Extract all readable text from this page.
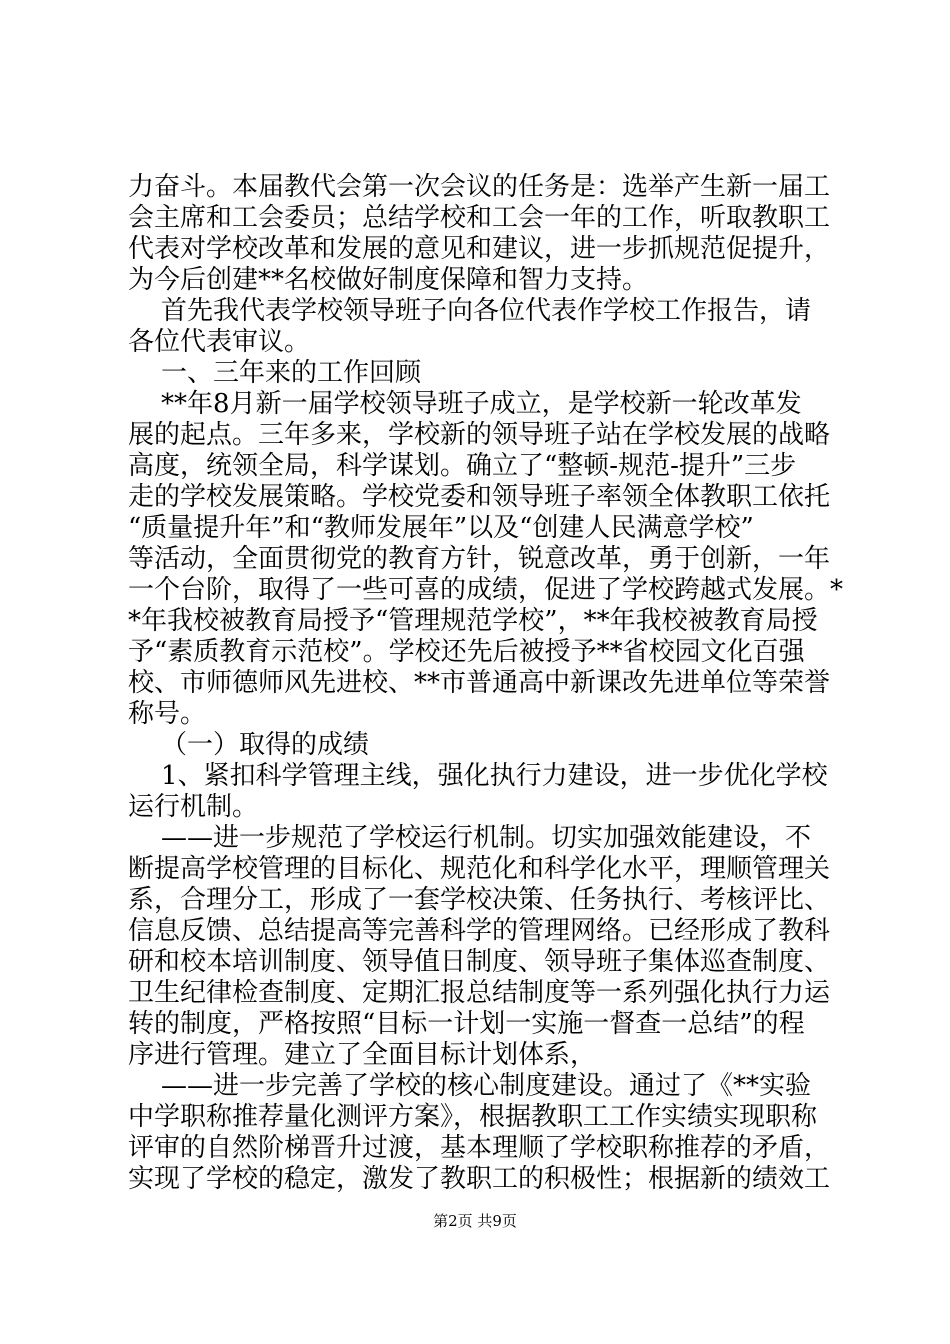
力奋斗。本届教代会第一次会议的任务是：选举产生新一届工
会主席和工会委员；总结学校和工会一年的工作，听取教职工
代表对学校改革和发展的意见和建议，进一步抓规范促提升，
为今后创建**名校做好制度保障和智力支持。
首先我代表学校领导班子向各位代表作学校工作报告，请
各位代表审议。
一、三年来的工作回顾
**年8月新一届学校领导班子成立，是学校新一轮改革发
展的起点。三年多来，学校新的领导班子站在学校发展的战略
高度，统领全局，科学谋划。确立了“整顿-规范-提升”三步
走的学校发展策略。学校党委和领导班子率领全体教职工依托
“质量提升年”和“教师发展年”以及“创建人民满意学校”
等活动，全面贯彻党的教育方针，锐意改革，勇于创新，一年
一个台阶，取得了一些可喜的成绩，促进了学校跨越式发展。*
*年我校被教育局授予“管理规范学校”，**年我校被教育局授
予“素质教育示范校”。学校还先后被授予**省校园文化百强
校、市师德师风先进校、**市普通高中新课改先进单位等荣誉
称号。
（一）取得的成绩
1、紧扣科学管理主线，强化执行力建设，进一步优化学校
运行机制。
——进一步规范了学校运行机制。切实加强效能建设，不
断提高学校管理的目标化、规范化和科学化水平，理顺管理关
系，合理分工，形成了一套学校决策、任务执行、考核评比、
信息反馈、总结提高等完善科学的管理网络。已经形成了教科
研和校本培训制度、领导值日制度、领导班子集体巡查制度、
卫生纪律检查制度、定期汇报总结制度等一系列强化执行力运
转的制度，严格按照“目标一计划一实施一督查一总结”的程
序进行管理。建立了全面目标计划体系，
——进一步完善了学校的核心制度建设。通过了《**实验
中学职称推荐量化测评方案》，根据教职工工作实绩实现职称
评审的自然阶梯晋升过渡，基本理顺了学校职称推荐的矛盾，
实现了学校的稳定，激发了教职工的积极性；根据新的绩效工
第2页 共9页
